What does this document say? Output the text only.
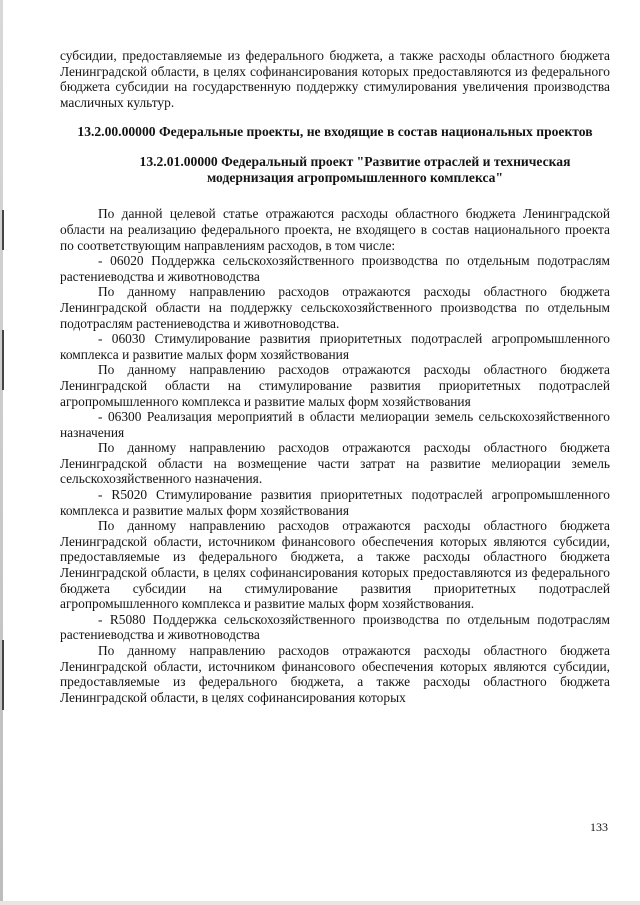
субсидии, предоставляемые из федерального бюджета, а также расходы областного бюджета Ленинградской области, в целях софинансирования которых предоставляются из федерального бюджета субсидии на государственную поддержку стимулирования увеличения производства масличных культур.

13.2.00.00000 Федеральные проекты, не входящие в состав национальных проектов
13.2.01.00000 Федеральный проект "Развитие отраслей и техническая модернизация агропромышленного комплекса"

По данной целевой статье отражаются расходы областного бюджета Ленинградской области на реализацию федерального проекта, не входящего в состав национального проекта по соответствующим направлениям расходов, в том числе:

- 06020 Поддержка сельскохозяйственного производства по отдельным подотраслям растениеводства и животноводства

По данному направлению расходов отражаются расходы областного бюджета Ленинградской области на поддержку сельскохозяйственного производства по отдельным подотраслям растениеводства и животноводства.

- 06030 Стимулирование развития приоритетных подотраслей агропромышленного комплекса и развитие малых форм хозяйствования

По данному направлению расходов отражаются расходы областного бюджета Ленинградской области на стимулирование развития приоритетных подотраслей агропромышленного комплекса и развитие малых форм хозяйствования

- 06300 Реализация мероприятий в области мелиорации земель сельскохозяйственного назначения

По данному направлению расходов отражаются расходы областного бюджета Ленинградской области на возмещение части затрат на развитие мелиорации земель сельскохозяйственного назначения.

- R5020 Стимулирование развития приоритетных подотраслей агропромышленного комплекса и развитие малых форм хозяйствования

По данному направлению расходов отражаются расходы областного бюджета Ленинградской области, источником финансового обеспечения которых являются субсидии, предоставляемые из федерального бюджета, а также расходы областного бюджета Ленинградской области, в целях софинансирования которых предоставляются из федерального бюджета субсидии на стимулирование развития приоритетных подотраслей агропромышленного комплекса и развитие малых форм хозяйствования.

- R5080 Поддержка сельскохозяйственного производства по отдельным подотраслям растениеводства и животноводства

По данному направлению расходов отражаются расходы областного бюджета Ленинградской области, источником финансового обеспечения которых являются субсидии, предоставляемые из федерального бюджета, а также расходы областного бюджета Ленинградской области, в целях софинансирования которых

133
